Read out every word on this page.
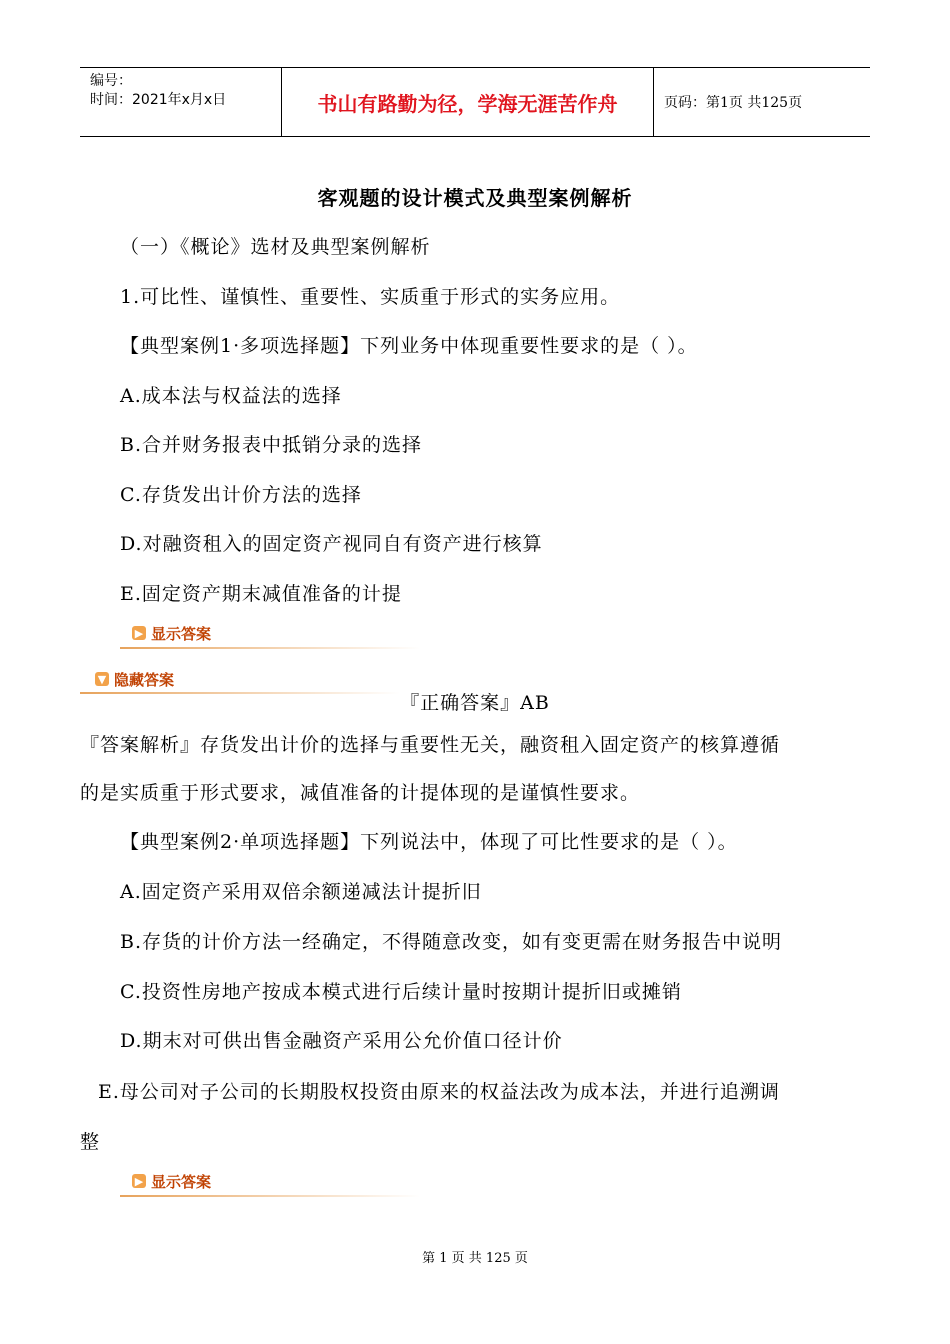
编号：
时间：2021年x月x日	书山有路勤为径，学海无涯苦作舟	页码：第1页 共125页
客观题的设计模式及典型案例解析
（一）《概论》选材及典型案例解析
1.可比性、谨慎性、重要性、实质重于形式的实务应用。
【典型案例1·多项选择题】下列业务中体现重要性要求的是（ ）。
A.成本法与权益法的选择
B.合并财务报表中抵销分录的选择
C.存货发出计价方法的选择
D.对融资租入的固定资产视同自有资产进行核算
E.固定资产期末减值准备的计提
▶ 显示答案
▼ 隐藏答案
『正确答案』AB
『答案解析』存货发出计价的选择与重要性无关，融资租入固定资产的核算遵循
的是实质重于形式要求，减值准备的计提体现的是谨慎性要求。
【典型案例2·单项选择题】下列说法中，体现了可比性要求的是（ ）。
A.固定资产采用双倍余额递减法计提折旧
B.存货的计价方法一经确定，不得随意改变，如有变更需在财务报告中说明
C.投资性房地产按成本模式进行后续计量时按期计提折旧或摊销
D.期末对可供出售金融资产采用公允价值口径计价
E.母公司对子公司的长期股权投资由原来的权益法改为成本法，并进行追溯调
整
▶ 显示答案
第 1 页 共 125 页
